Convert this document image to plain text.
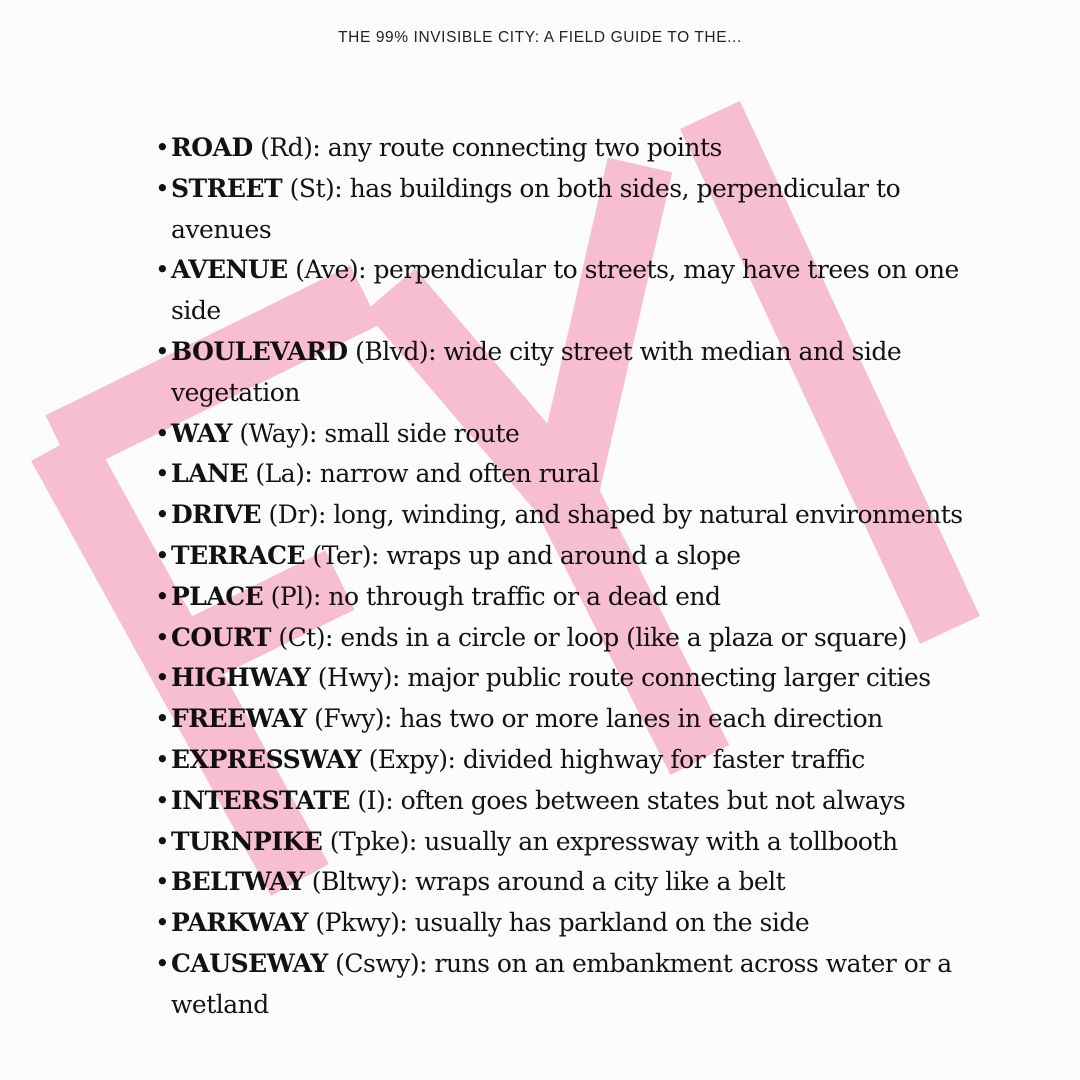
THE 99% INVISIBLE CITY: A FIELD GUIDE TO THE...
• ROAD (Rd): any route connecting two points
• STREET (St): has buildings on both sides, perpendicular to avenues
• AVENUE (Ave): perpendicular to streets, may have trees on one side
• BOULEVARD (Blvd): wide city street with median and side vegetation
• WAY (Way): small side route
• LANE (La): narrow and often rural
• DRIVE (Dr): long, winding, and shaped by natural environments
• TERRACE (Ter): wraps up and around a slope
• PLACE (Pl): no through traffic or a dead end
• COURT (Ct): ends in a circle or loop (like a plaza or square)
• HIGHWAY (Hwy): major public route connecting larger cities
• FREEWAY (Fwy): has two or more lanes in each direction
• EXPRESSWAY (Expy): divided highway for faster traffic
• INTERSTATE (I): often goes between states but not always
• TURNPIKE (Tpke): usually an expressway with a tollbooth
• BELTWAY (Bltwy): wraps around a city like a belt
• PARKWAY (Pkwy): usually has parkland on the side
• CAUSEWAY (Cswy): runs on an embankment across water or a wetland
